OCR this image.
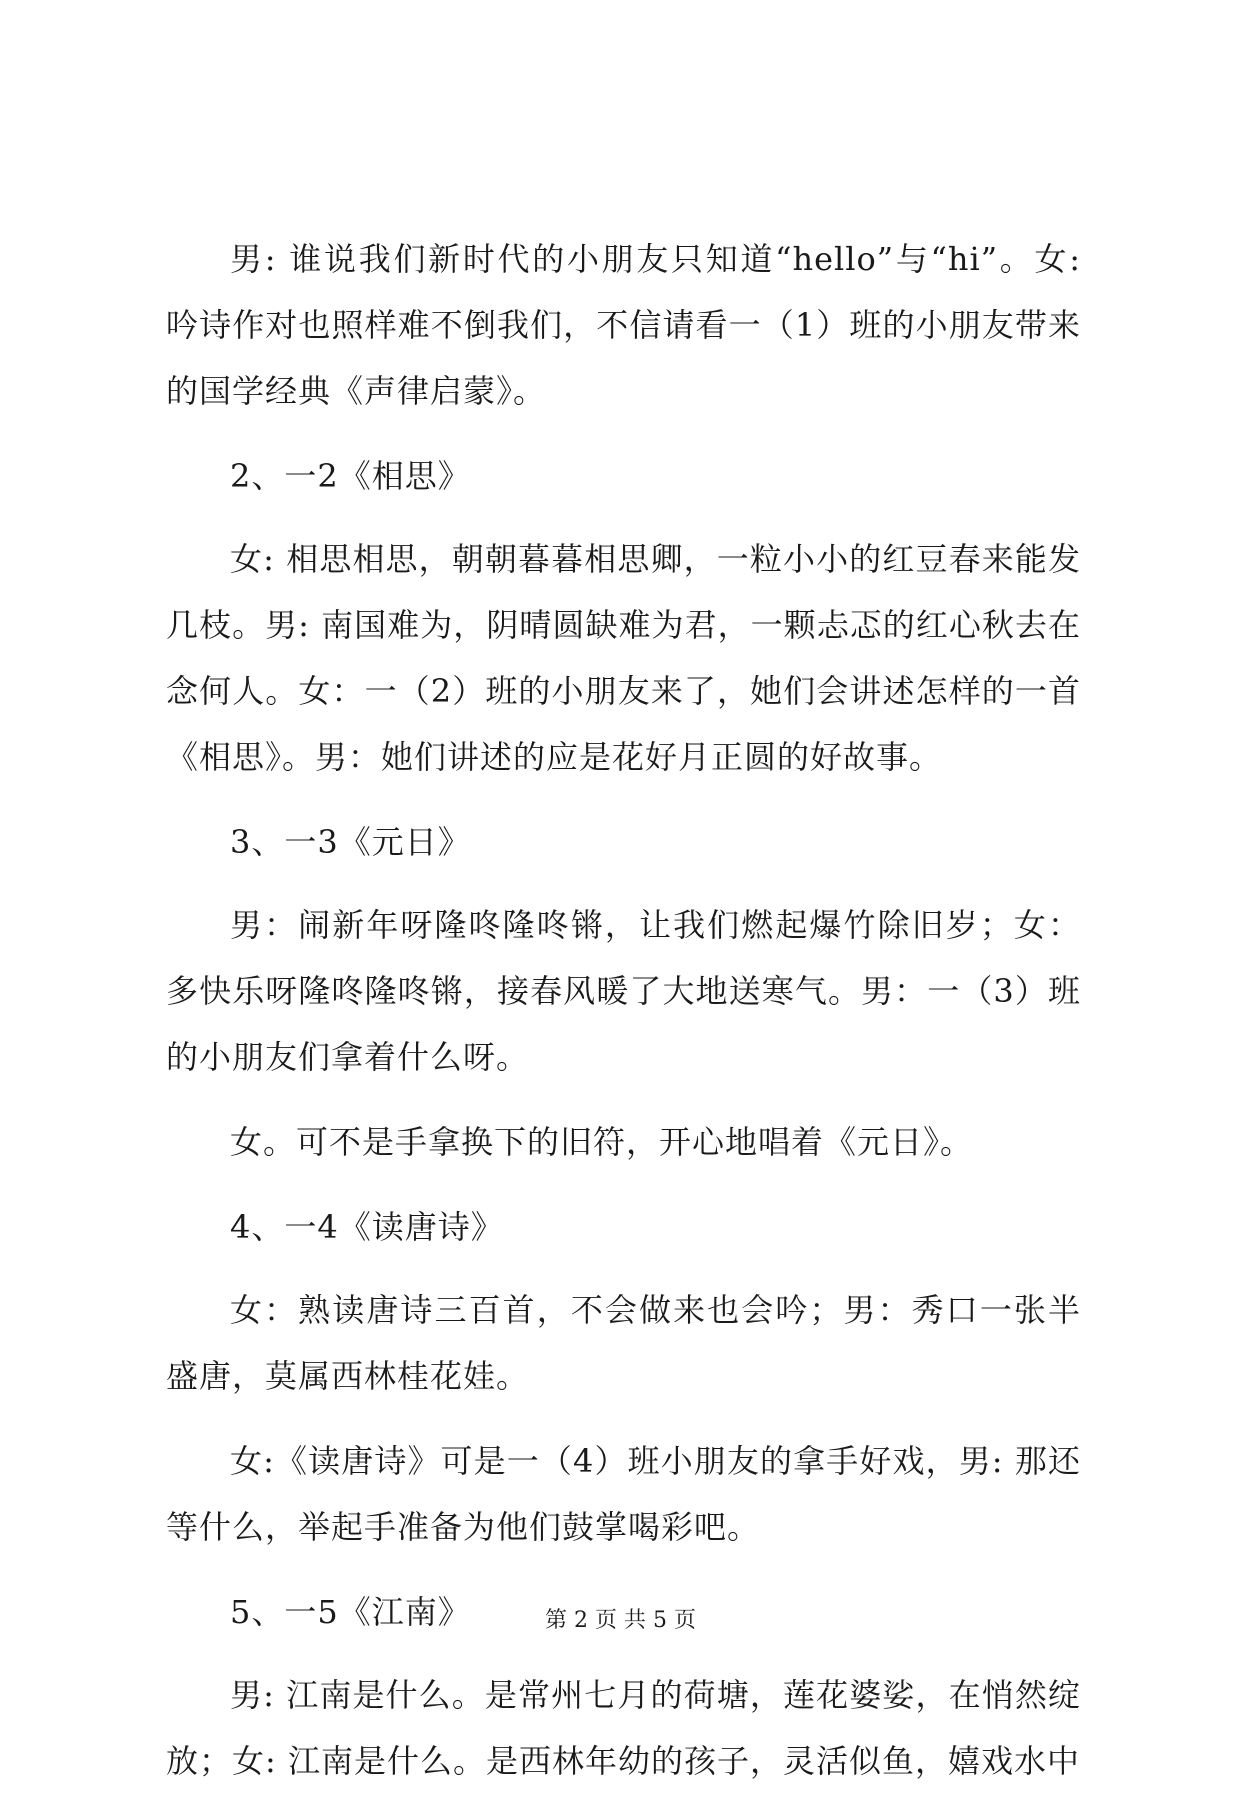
男: 谁说我们新时代的小朋友只知道“hello”与“hi”。女: 吟诗作对也照样难不倒我们，不信请看一（1）班的小朋友带来的国学经典《声律启蒙》。

2、一2《相思》

女: 相思相思，朝朝暮暮相思卿，一粒小小的红豆春来能发几枝。男: 南国难为，阴晴圆缺难为君，一颗忐忑的红心秋去在念何人。女：一（2）班的小朋友来了，她们会讲述怎样的一首《相思》。男：她们讲述的应是花好月正圆的好故事。

3、一3《元日》

男：闹新年呀隆咚隆咚锵，让我们燃起爆竹除旧岁；女：多快乐呀隆咚隆咚锵，接春风暖了大地送寒气。男：一（3）班的小朋友们拿着什么呀。

女。可不是手拿换下的旧符，开心地唱着《元日》。

4、一4《读唐诗》

女：熟读唐诗三百首，不会做来也会吟；男：秀口一张半盛唐，莫属西林桂花娃。

女:《读唐诗》可是一（4）班小朋友的拿手好戏，男: 那还等什么，举起手准备为他们鼓掌喝彩吧。

5、一5《江南》

男: 江南是什么。是常州七月的荷塘，莲花婆娑，在悄然绽放；女: 江南是什么。是西林年幼的孩子，灵活似鱼，嬉戏水中

第 2 页 共 5 页
